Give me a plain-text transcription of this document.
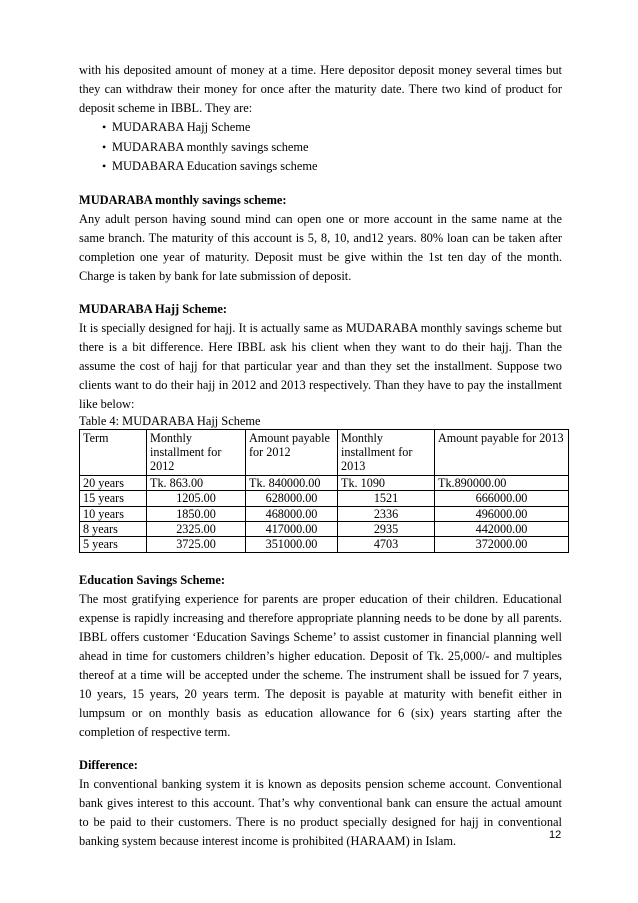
with his deposited amount of money at a time. Here depositor deposit money several times but they can withdraw their money for once after the maturity date. There two kind of product for deposit scheme in IBBL. They are:

• MUDARABA Hajj Scheme
• MUDARABA monthly savings scheme
• MUDABARA Education savings scheme
MUDARABA monthly savings scheme:

Any adult person having sound mind can open one or more account in the same name at the same branch. The maturity of this account is 5, 8, 10, and12 years. 80% loan can be taken after completion one year of maturity. Deposit must be give within the 1st ten day of the month. Charge is taken by bank for late submission of deposit.

MUDARABA Hajj Scheme:

It is specially designed for hajj. It is actually same as MUDARABA monthly savings scheme but there is a bit difference. Here IBBL ask his client when they want to do their hajj. Than the assume the cost of hajj for that particular year and than they set the installment. Suppose two clients want to do their hajj in 2012 and 2013 respectively. Than they have to pay the installment like below:

Table 4: MUDARABA Hajj Scheme

Term	Monthly installment for 2012	Amount payable for 2012	Monthly installment for 2013	Amount payable for 2013
20 years	Tk. 863.00	Tk. 840000.00	Tk. 1090	Tk.890000.00
15 years	1205.00	628000.00	1521	666000.00
10 years	1850.00	468000.00	2336	496000.00
8 years	2325.00	417000.00	2935	442000.00
5 years	3725.00	351000.00	4703	372000.00
Education Savings Scheme:

The most gratifying experience for parents are proper education of their children. Educational expense is rapidly increasing and therefore appropriate planning needs to be done by all parents. IBBL offers customer ‘Education Savings Scheme’ to assist customer in financial planning well ahead in time for customers children’s higher education. Deposit of Tk. 25,000/- and multiples thereof at a time will be accepted under the scheme. The instrument shall be issued for 7 years, 10 years, 15 years, 20 years term. The deposit is payable at maturity with benefit either in lumpsum or on monthly basis as education allowance for 6 (six) years starting after the completion of respective term.

Difference:

In conventional banking system it is known as deposits pension scheme account. Conventional bank gives interest to this account. That’s why conventional bank can ensure the actual amount to be paid to their customers. There is no product specially designed for hajj in conventional banking system because interest income is prohibited (HARAAM) in Islam.	12
